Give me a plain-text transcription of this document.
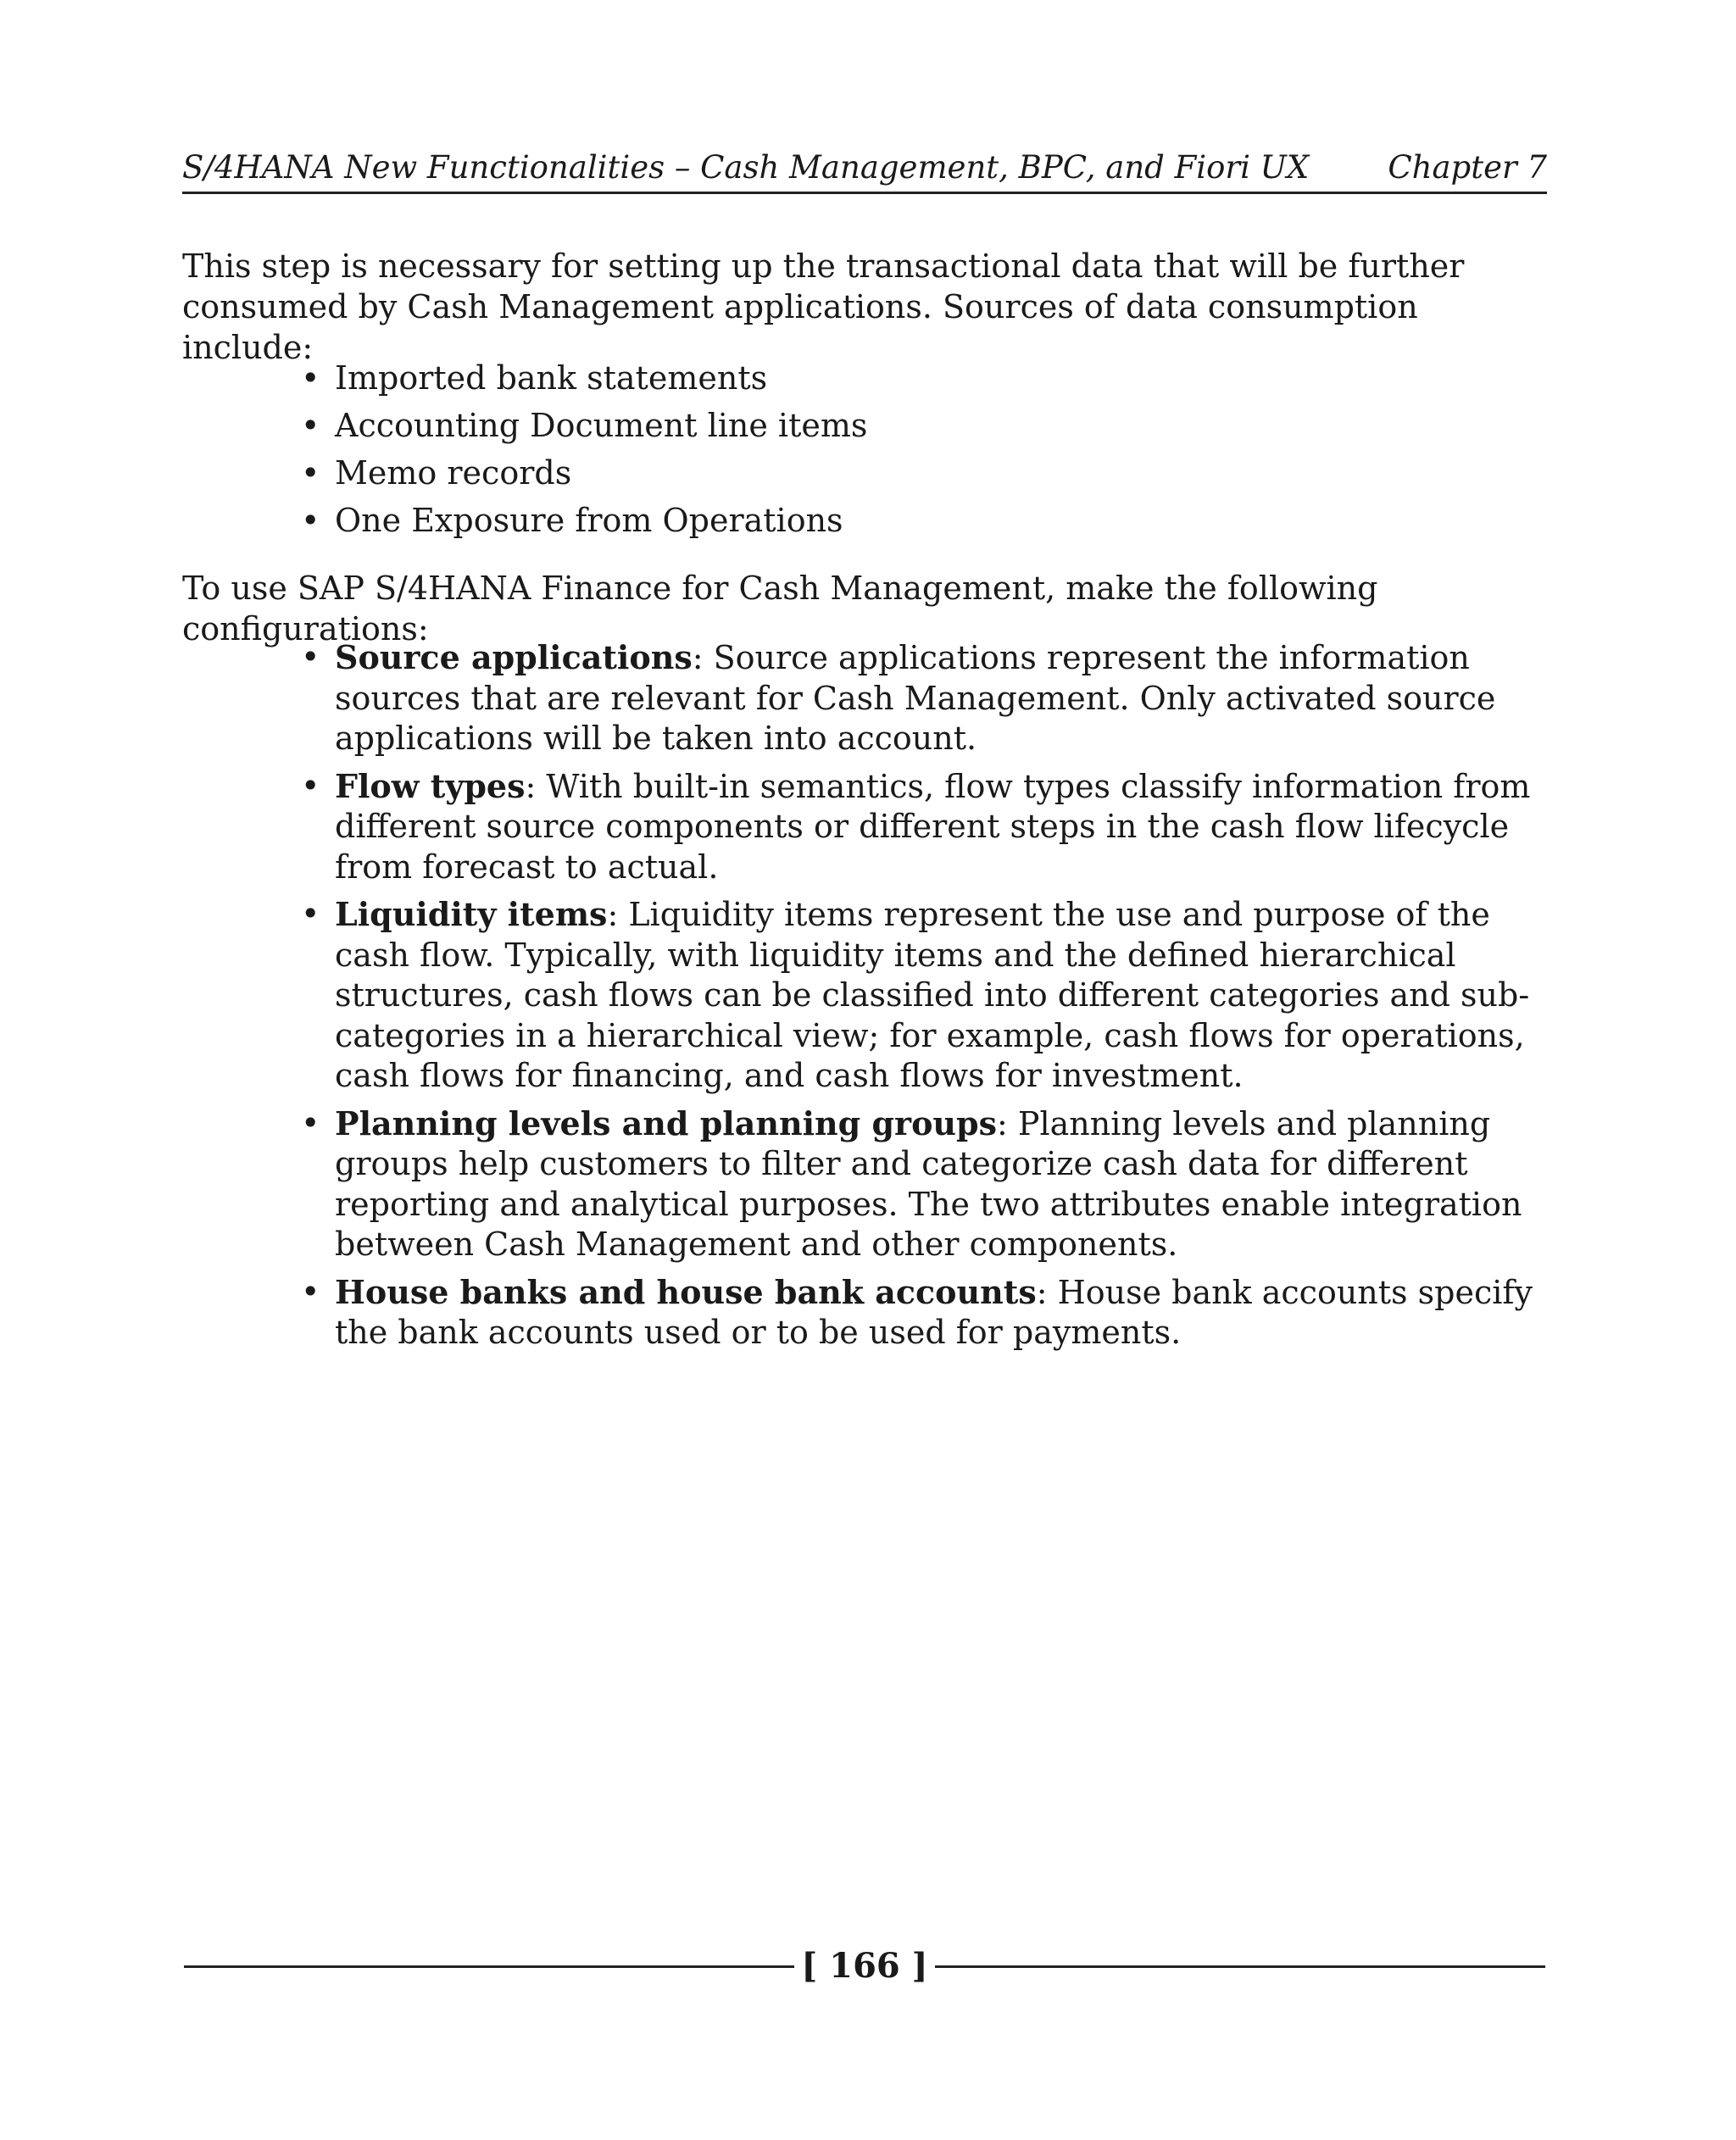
S/4HANA New Functionalities – Cash Management, BPC, and Fiori UX	Chapter 7

This step is necessary for setting up the transactional data that will be further consumed by Cash Management applications. Sources of data consumption include:

• Imported bank statements
• Accounting Document line items
• Memo records
• One Exposure from Operations

To use SAP S/4HANA Finance for Cash Management, make the following configurations:

• Source applications: Source applications represent the information sources that are relevant for Cash Management. Only activated source applications will be taken into account.
• Flow types: With built-in semantics, flow types classify information from different source components or different steps in the cash flow lifecycle from forecast to actual.
• Liquidity items: Liquidity items represent the use and purpose of the cash flow. Typically, with liquidity items and the defined hierarchical structures, cash flows can be classified into different categories and sub-categories in a hierarchical view; for example, cash flows for operations, cash flows for financing, and cash flows for investment.
• Planning levels and planning groups: Planning levels and planning groups help customers to filter and categorize cash data for different reporting and analytical purposes. The two attributes enable integration between Cash Management and other components.
• House banks and house bank accounts: House bank accounts specify the bank accounts used or to be used for payments.
[ 166 ]
